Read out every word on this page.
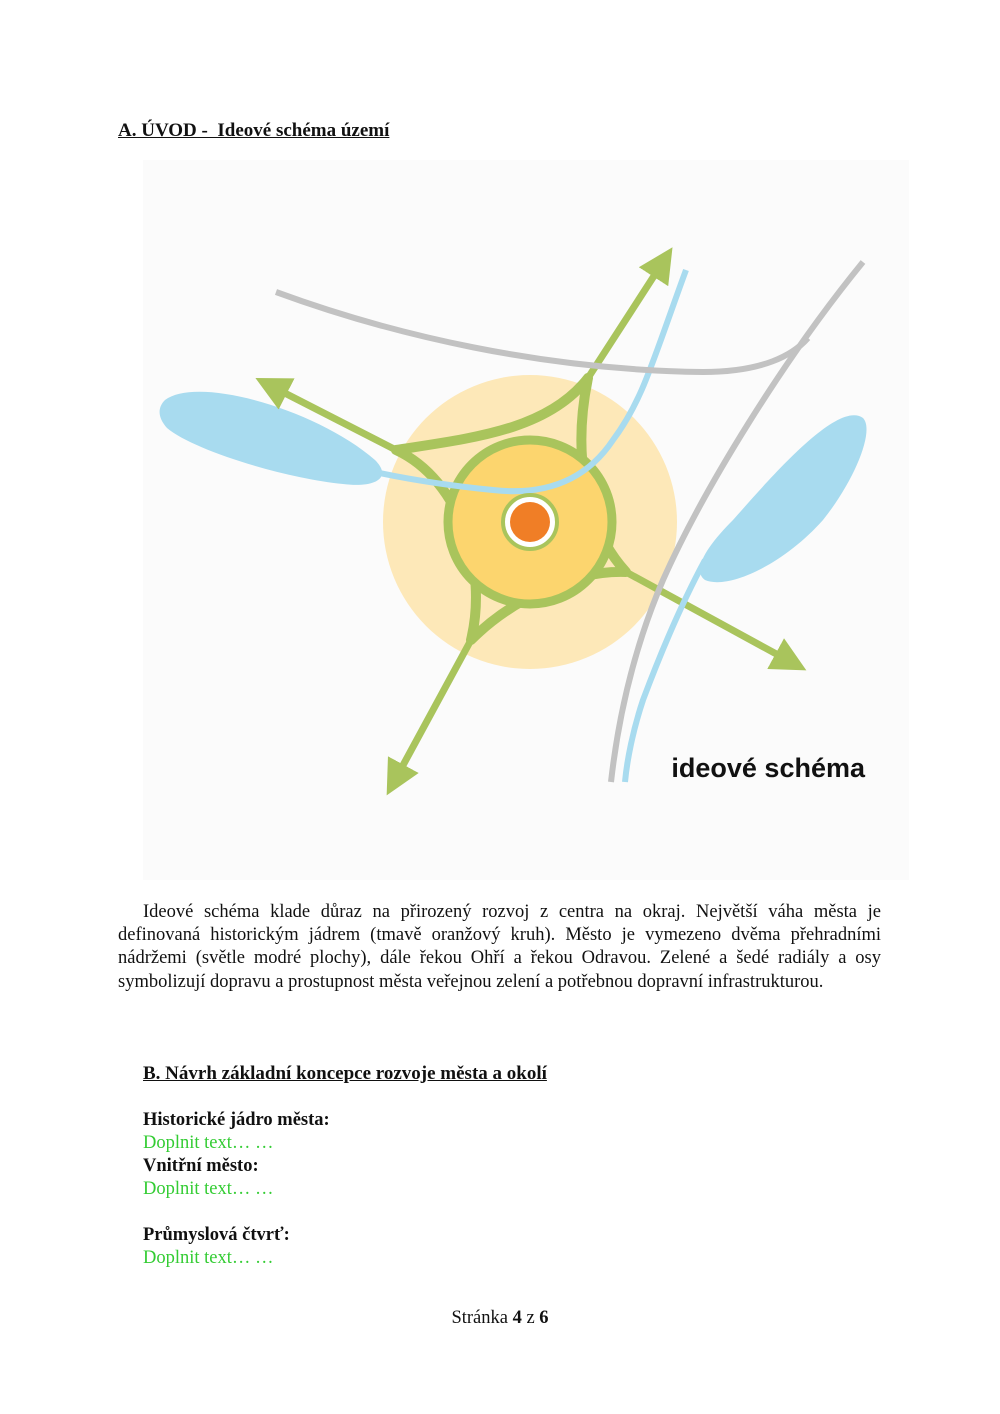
A. ÚVOD -  Ideové schéma území
ideové schéma

Ideové schéma klade důraz na přirozený rozvoj z centra na okraj. Největší váha města je definovaná historickým jádrem (tmavě oranžový kruh). Město je vymezeno dvěma přehradními nádržemi (světle modré plochy), dále řekou Ohří a řekou Odravou. Zelené a šedé radiály a osy symbolizují dopravu a prostupnost města veřejnou zelení a potřebnou dopravní infrastrukturou.

B. Návrh základní koncepce rozvoje města a okolí
Historické jádro města:
Doplnit text… …
Vnitřní město:
Doplnit text… …
Průmyslová čtvrť:
Doplnit text… …
Stránka 4 z 6
